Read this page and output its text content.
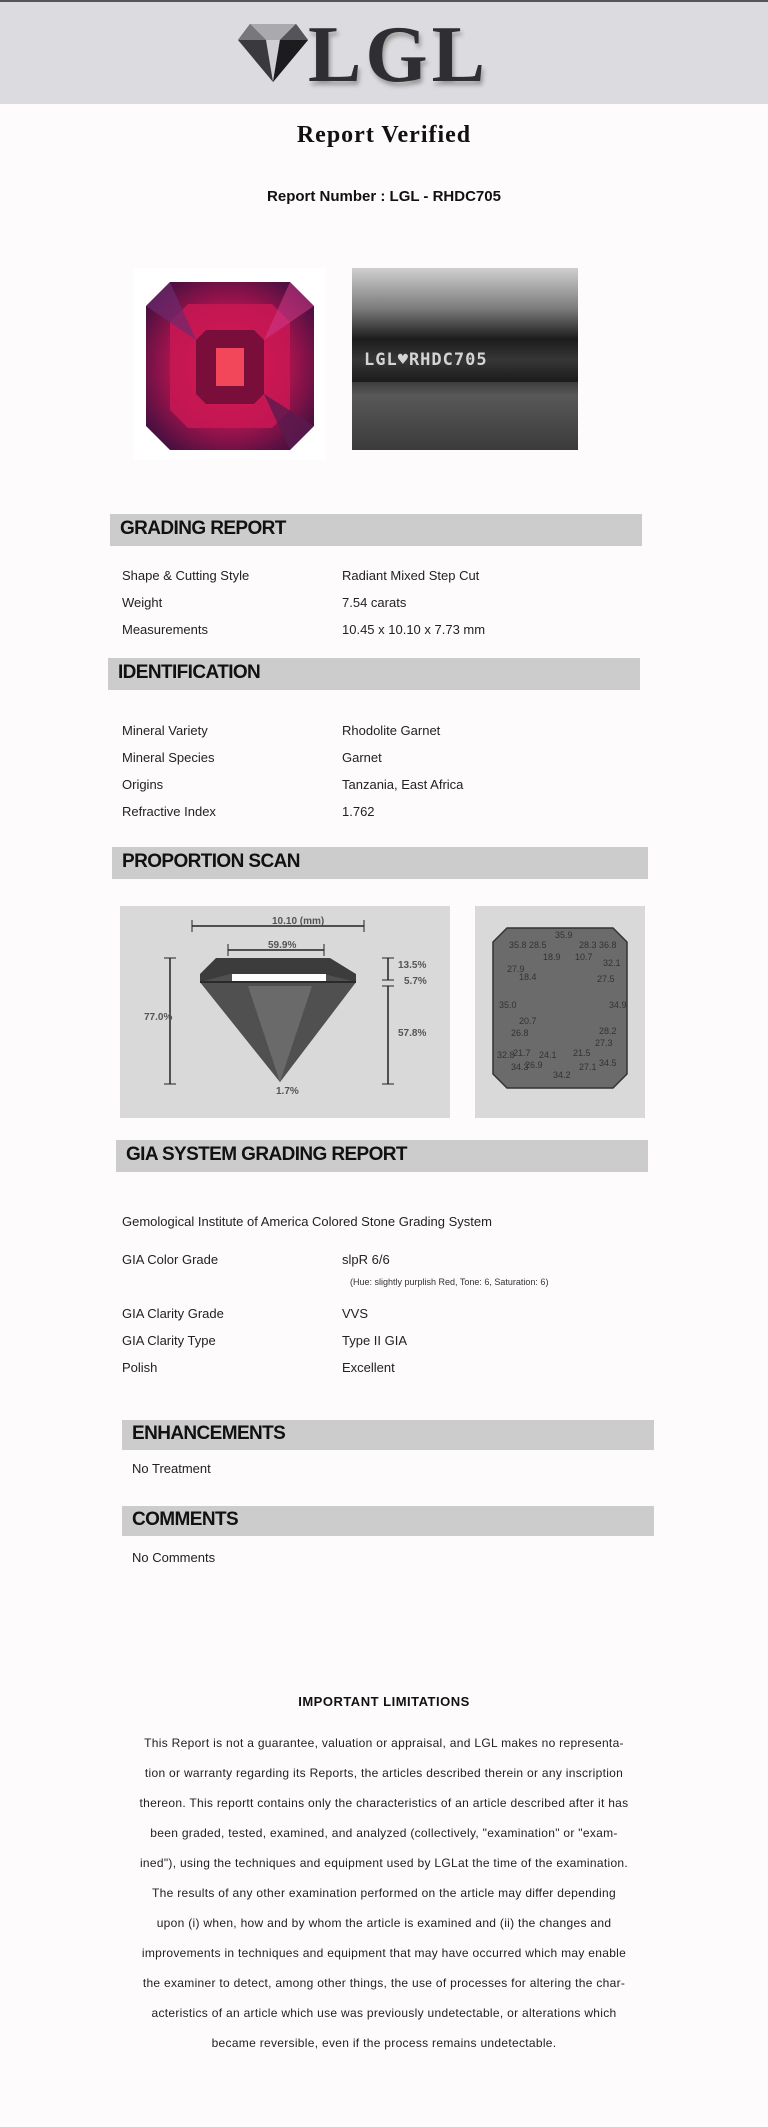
LGL
Report Verified
Report Number : LGL - RHDC705
LGL♥RHDC705
GRADING REPORT
Shape & Cutting Style	Radiant Mixed Step Cut
Weight	7.54 carats
Measurements	10.45 x 10.10 x 7.73 mm
IDENTIFICATION
Mineral Variety	Rhodolite Garnet
Mineral Species	Garnet
Origins	Tanzania, East Africa
Refractive Index	1.762
PROPORTION SCAN
10.10 (mm)
59.9%
13.5%
5.7%
57.8%
77.0%
1.7%
35.8 28.5
35.9
28.3 36.8
27.9
18.9 10.7
32.1
18.4	27.5
35.0	34.9
20.7
26.8	28.2
27.3
32.8
21.7 24.1 21.5
34.3
26.9
34.2
27.1 34.5
GIA SYSTEM GRADING REPORT
Gemological Institute of America Colored Stone Grading System
GIA Color Grade	slpR 6/6
(Hue: slightly purplish Red, Tone: 6, Saturation: 6)
GIA Clarity Grade	VVS
GIA Clarity Type	Type II GIA
Polish	Excellent
ENHANCEMENTS
No Treatment
COMMENTS
No Comments
IMPORTANT LIMITATIONS
This Report is not a guarantee, valuation or appraisal, and LGL makes no representa-
tion or warranty regarding its Reports, the articles described therein or any inscription
thereon. This reportt contains only the characteristics of an article described after it has
been graded, tested, examined, and analyzed (collectively, "examination" or "exam-
ined"), using the techniques and equipment used by LGLat the time of the examination.
The results of any other examination performed on the article may differ depending
upon (i) when, how and by whom the article is examined and (ii) the changes and
improvements in techniques and equipment that may have occurred which may enable
the examiner to detect, among other things, the use of processes for altering the char-
acteristics of an article which use was previously undetectable, or alterations which
became reversible, even if the process remains undetectable.
